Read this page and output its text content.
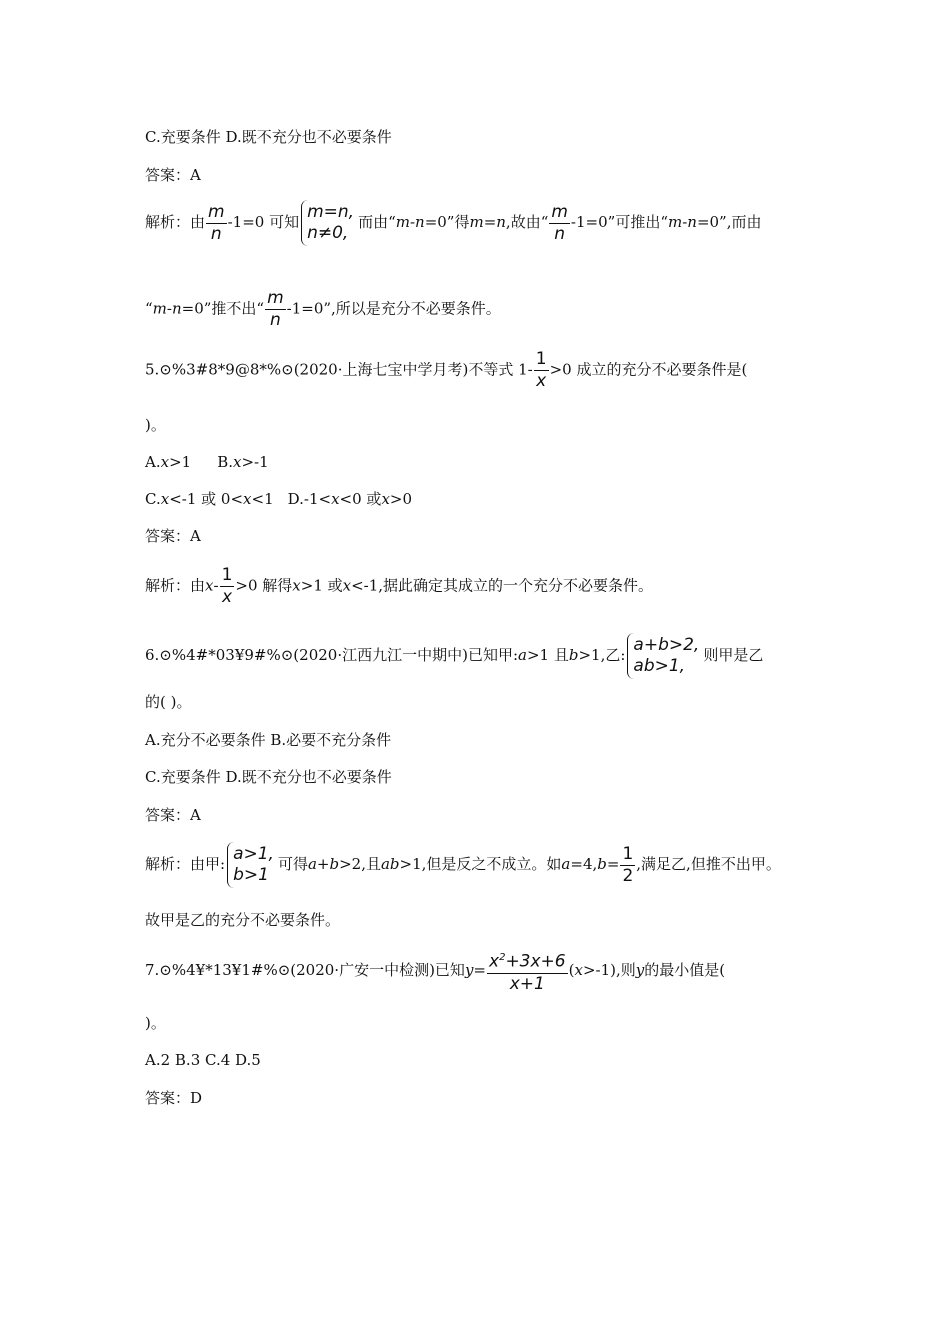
C.充要条件 D.既不充分也不必要条件
答案：A
解析：由 $\frac{m}{n} -1=0$ 可知 m=n,
n≠0,
而由“m-n=0”得m=n,故由“ $\frac{m}{n} -1=0$”可推出“m-n=0”,而由
“m-n=0”推不出“ $\frac{m}{n} -1=0$”,所以是充分不必要条件。
5.⊙%3#8*9@8*%⊙(2020·上海七宝中学月考)不等式 $1- \frac{1}{x} >0$ 成立的充分不必要条件是(
)。
A.x>1 B.x>-1
C.x<-1 或 0<x<1 D.-1<x<0 或x>0
答案：A
解析：由$x- \frac{1}{x} >0$ 解得x>1 或x<-1,据此确定其成立的一个充分不必要条件。
6.⊙%4#*03¥9#%⊙(2020·江西九江一中期中)已知甲:a>1 且b>1,乙: a+b>2,
ab>1,
则甲是乙
的( )。
A.充分不必要条件 B.必要不充分条件
C.充要条件 D.既不充分也不必要条件
答案：A
解析：由甲: a>1,
b>1
可得a+b>2,且ab>1,但是反之不成立。如$a=4,b= \frac{1}{2}$ ,满足乙,但推不出甲。
故甲是乙的充分不必要条件。
7.⊙%4¥*13¥1#%⊙(2020·广安一中检测)已知$y= \frac{x^2+3x+6}{x+1} (x>-1)$,则y的最小值是(
)。
A.2 B.3 C.4 D.5
答案：D
